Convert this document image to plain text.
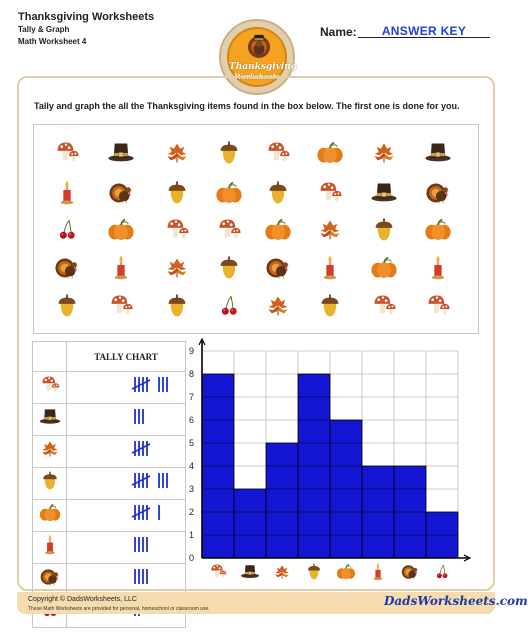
Thanksgiving Worksheets
Tally & Graph
Math Worksheet 4
Thanksgiving
Worksheets
Name:	ANSWER KEY
Tally and graph the all the Thanksgiving items found in the box below. The first one is done for you.
	TALLY CHART

0
1
2
3
4
5
6
7
8
9
Copyright © DadsWorksheets, LLC
These Math Worksheets are provided for personal, homeschool or classroom use.
DadsWorksheets.com
